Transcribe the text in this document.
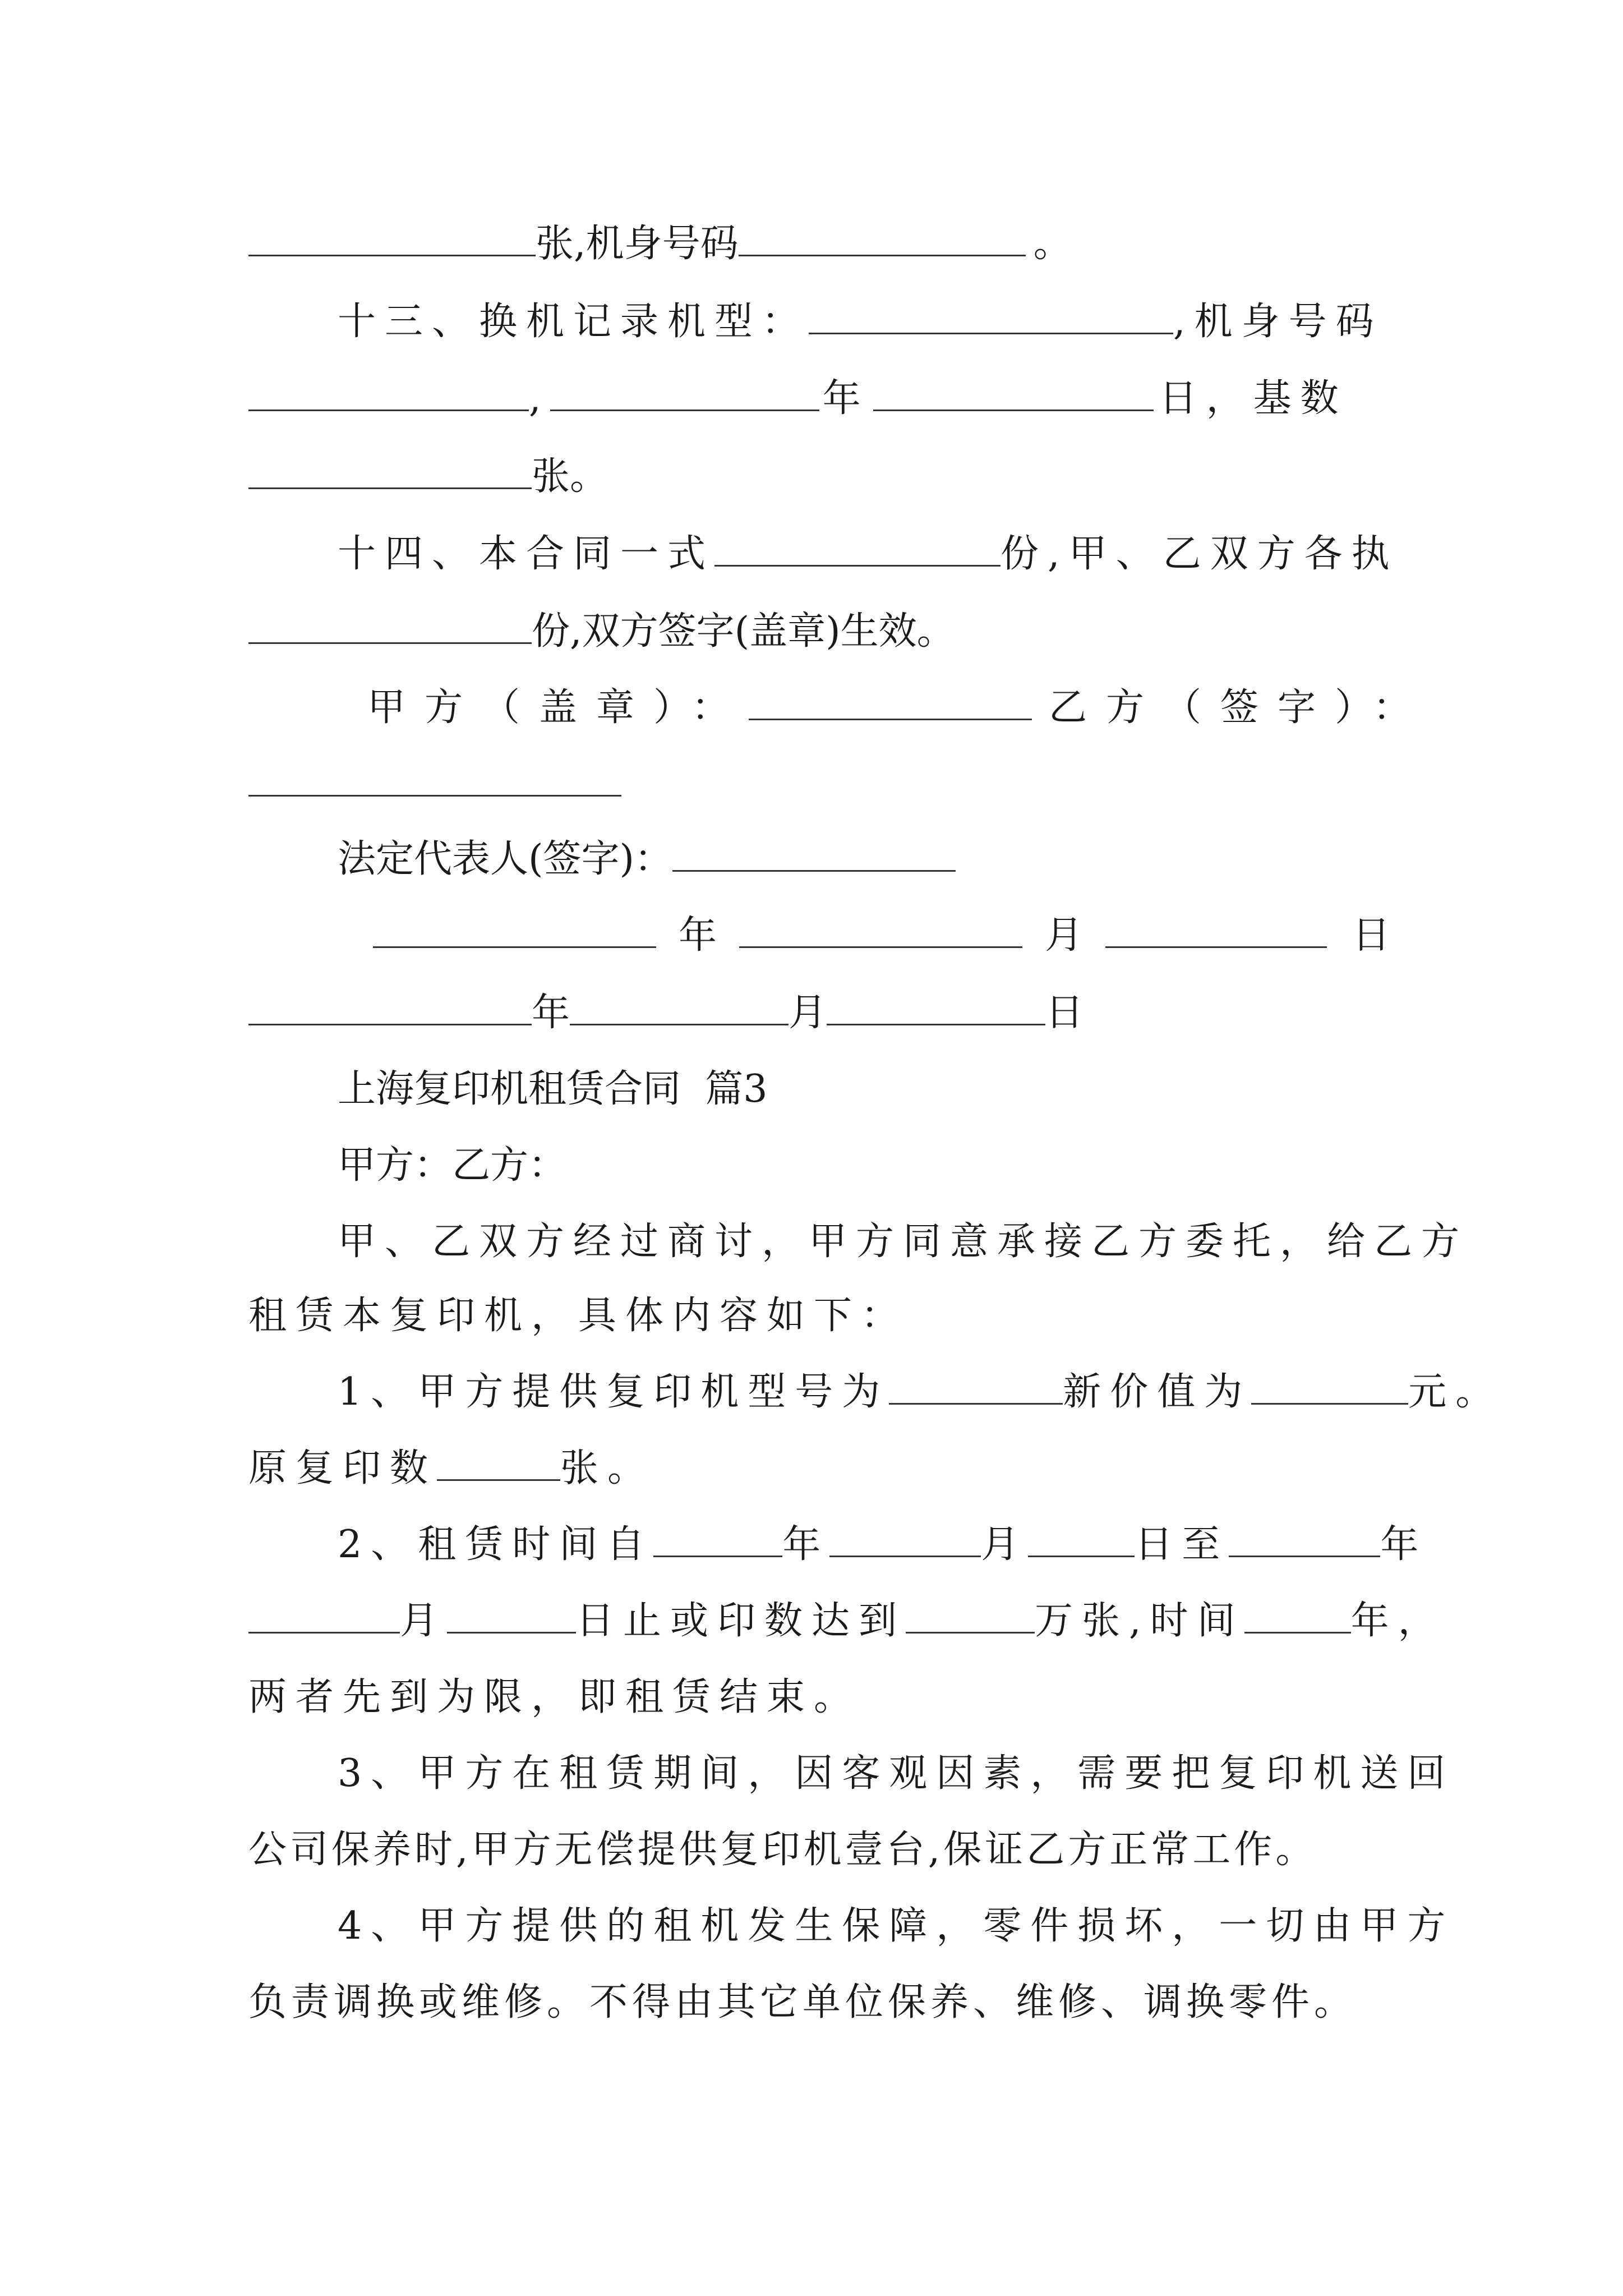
张,机身号码	。
十三、换机记录机型：	,机身号码
,	年	日，基数
张。
十四、本合同一式	份,甲、乙双方各执
份,双方签字(盖章)生效。
甲方（盖章）：	乙方（签字）：
法定代表人(签字)：
年	月	日
年	月	日
上海复印机租赁合同  篇3
甲方：乙方：
甲、乙双方经过商讨，甲方同意承接乙方委托，给乙方
租赁本复印机，具体内容如下：
1、甲方提供复印机型号为	新价值为	元。
原复印数	张。
2、租赁时间自	年	月	日至	年
月	日止或印数达到	万张,时间	年，
两者先到为限，即租赁结束。
3、甲方在租赁期间，因客观因素，需要把复印机送回
公司保养时,甲方无偿提供复印机壹台,保证乙方正常工作。
4、甲方提供的租机发生保障，零件损坏，一切由甲方
负责调换或维修。不得由其它单位保养、维修、调换零件。
